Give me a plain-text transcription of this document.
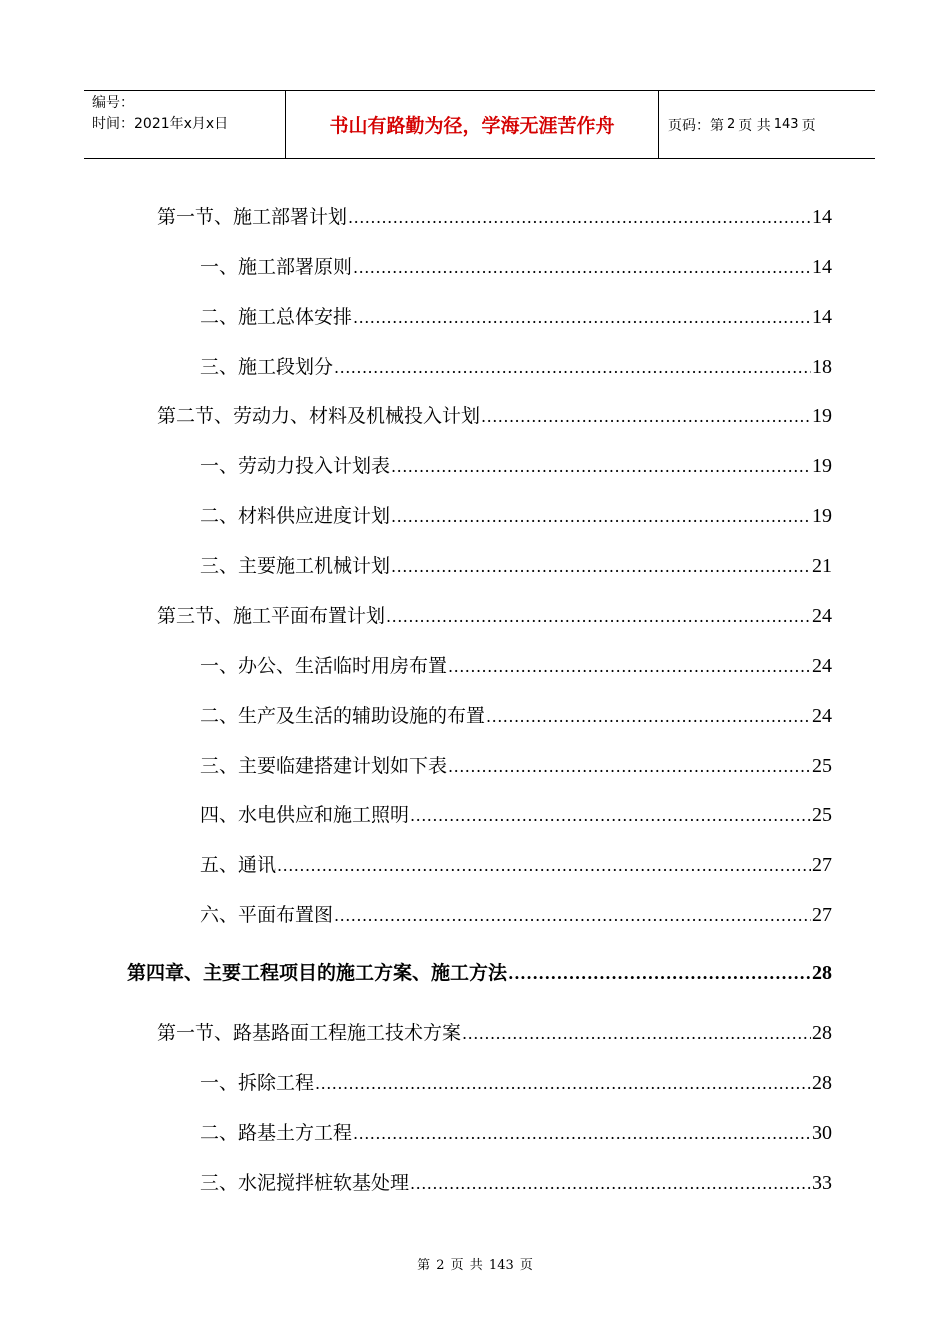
编号：
时间：2021年x月x日	书山有路勤为径，学海无涯苦作舟	页码：第 2 页 共 143 页
第一节、 施工部署计划 .....	14
一、 施工部署原则 .....	14
二、 施工总体安排 .....	14
三、 施工段划分 .....	18
第二节、 劳动力、材料及机械投入计划 .....	19
一、 劳动力投入计划表 .....	19
二、 材料供应进度计划 .....	19
三、 主要施工机械计划 .....	21
第三节、 施工平面布置计划 .....	24
一、 办公、生活临时用房布置 .....	24
二、 生产及生活的辅助设施的布置 .....	24
三、 主要临建搭建计划如下表 .....	25
四、 水电供应和施工照明 .....	25
五、 通讯 .....	27
六、 平面布置图 .....	27
第四章、 主要工程项目的施工方案、施工方法 .....	28
第一节、 路基路面工程施工技术方案 .....	28
一、 拆除工程 .....	28
二、 路基土方工程 .....	30
三、 水泥搅拌桩软基处理 .....	33
第 2 页 共 143 页
